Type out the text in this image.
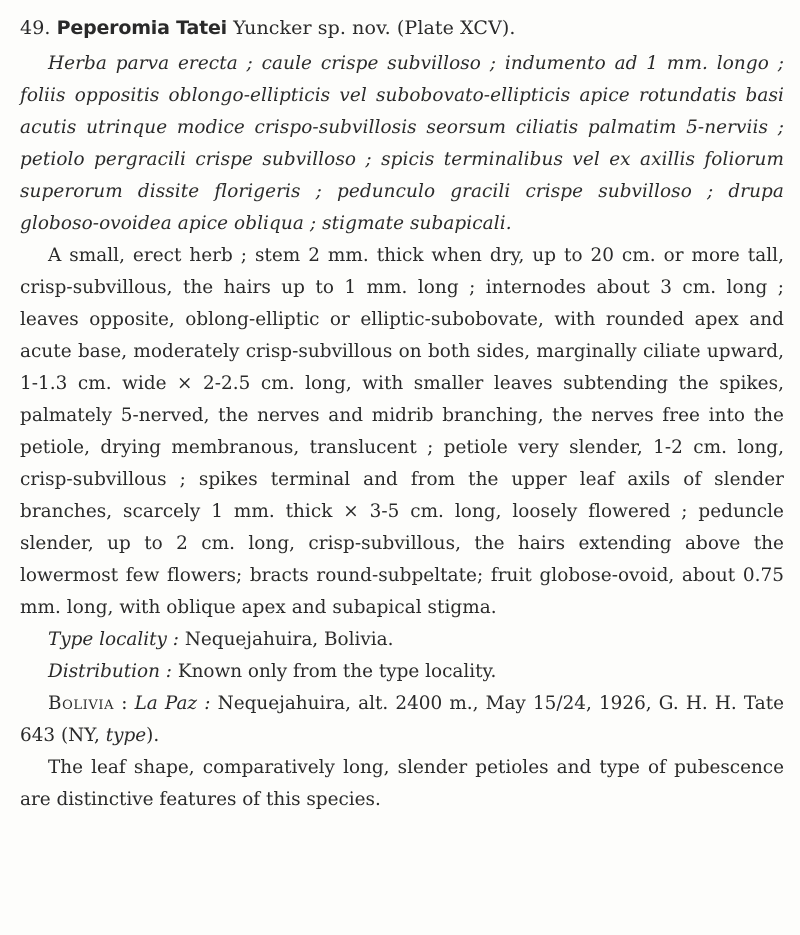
49. Peperomia Tatei Yuncker sp. nov. (Plate XCV).
Herba parva erecta ; caule crispe subvilloso ; indumento ad 1 mm. longo ; foliis oppositis oblongo-ellipticis vel subobovato-ellipticis apice rotundatis basi acutis utrinque modice crispo-subvillosis seorsum ciliatis palmatim 5-nerviis ; petiolo pergracili crispe subvilloso ; spicis terminalibus vel ex axillis foliorum superorum dissite florigeris ; pedunculo gracili crispe subvilloso ; drupa globoso-ovoidea apice obliqua ; stigmate subapicali.
A small, erect herb ; stem 2 mm. thick when dry, up to 20 cm. or more tall, crisp-subvillous, the hairs up to 1 mm. long ; internodes about 3 cm. long ; leaves opposite, oblong-elliptic or elliptic-subobovate, with rounded apex and acute base, moderately crisp-subvillous on both sides, marginally ciliate upward, 1-1.3 cm. wide × 2-2.5 cm. long, with smaller leaves subtending the spikes, palmately 5-nerved, the nerves and midrib branching, the nerves free into the petiole, drying membranous, translucent ; petiole very slender, 1-2 cm. long, crisp-subvillous ; spikes terminal and from the upper leaf axils of slender branches, scarcely 1 mm. thick × 3-5 cm. long, loosely flowered ; peduncle slender, up to 2 cm. long, crisp-subvillous, the hairs extending above the lowermost few flowers; bracts round-subpeltate; fruit globose-ovoid, about 0.75 mm. long, with oblique apex and subapical stigma.
Type locality : Nequejahuira, Bolivia.
Distribution : Known only from the type locality.
Bolivia : La Paz : Nequejahuira, alt. 2400 m., May 15/24, 1926, G. H. H. Tate 643 (NY, type).
The leaf shape, comparatively long, slender petioles and type of pubescence are distinctive features of this species.
